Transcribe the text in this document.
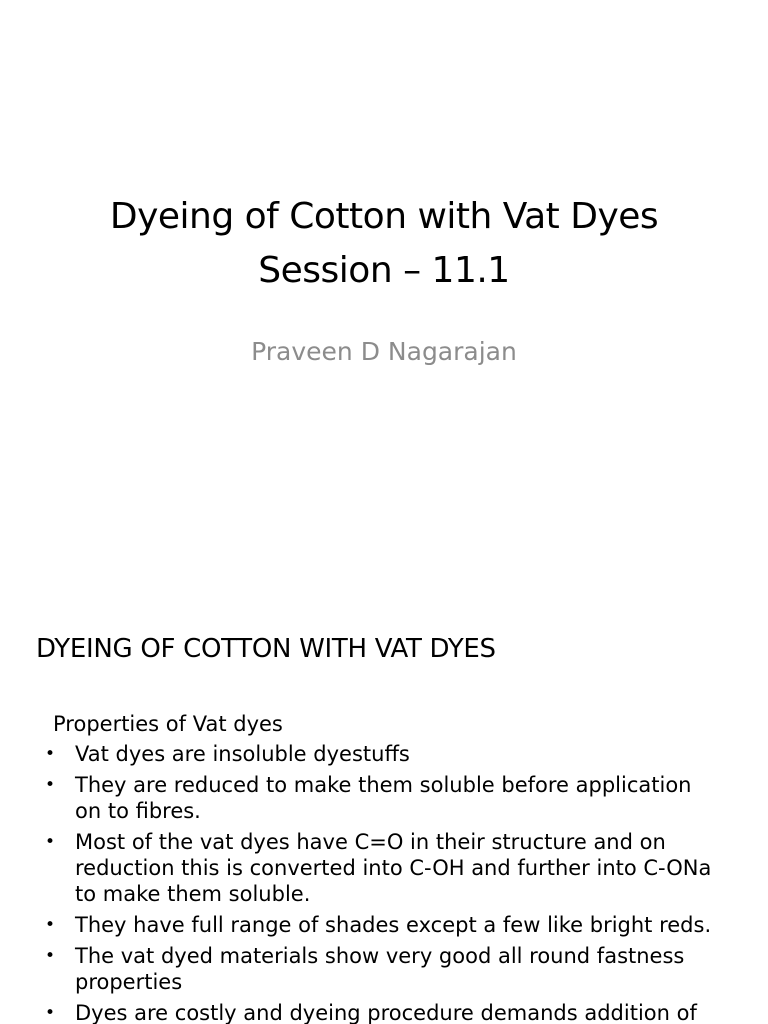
Dyeing of Cotton with Vat Dyes
Session – 11.1

Praveen D Nagarajan

DYEING OF COTTON WITH VAT DYES

Properties of Vat dyes

• Vat dyes are insoluble dyestuffs
• They are reduced to make them soluble before application
on to fibres.
• Most of the vat dyes have C=O in their structure and on
reduction this is converted into C-OH and further into C-ONa
to make them soluble.
• They have full range of shades except a few like bright reds.
• The vat dyed materials show very good all round fastness
properties
• Dyes are costly and dyeing procedure demands addition of
